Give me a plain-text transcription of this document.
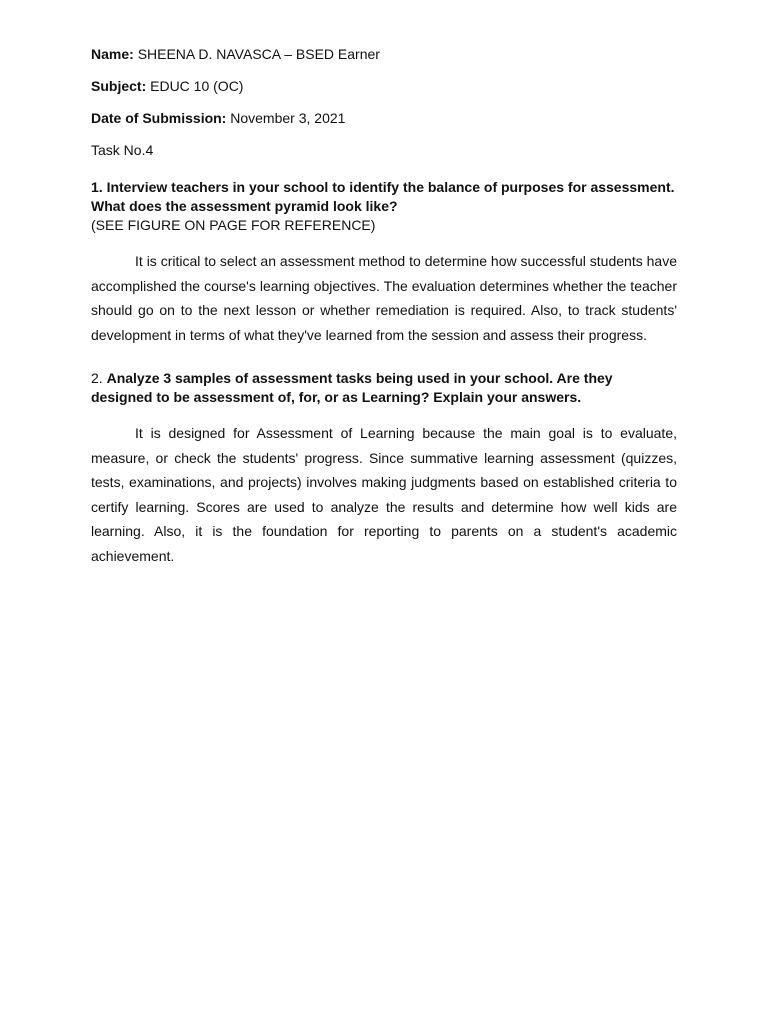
Name: SHEENA D. NAVASCA – BSED Earner

Subject: EDUC 10 (OC)

Date of Submission: November 3, 2021

Task No.4

1. Interview teachers in your school to identify the balance of purposes for assessment. What does the assessment pyramid look like?
(SEE FIGURE ON PAGE FOR REFERENCE)

It is critical to select an assessment method to determine how successful students have accomplished the course's learning objectives. The evaluation determines whether the teacher should go on to the next lesson or whether remediation is required. Also, to track students' development in terms of what they've learned from the session and assess their progress.

2. Analyze 3 samples of assessment tasks being used in your school. Are they designed to be assessment of, for, or as Learning? Explain your answers.

It is designed for Assessment of Learning because the main goal is to evaluate, measure, or check the students' progress. Since summative learning assessment (quizzes, tests, examinations, and projects) involves making judgments based on established criteria to certify learning. Scores are used to analyze the results and determine how well kids are learning. Also, it is the foundation for reporting to parents on a student's academic achievement.
